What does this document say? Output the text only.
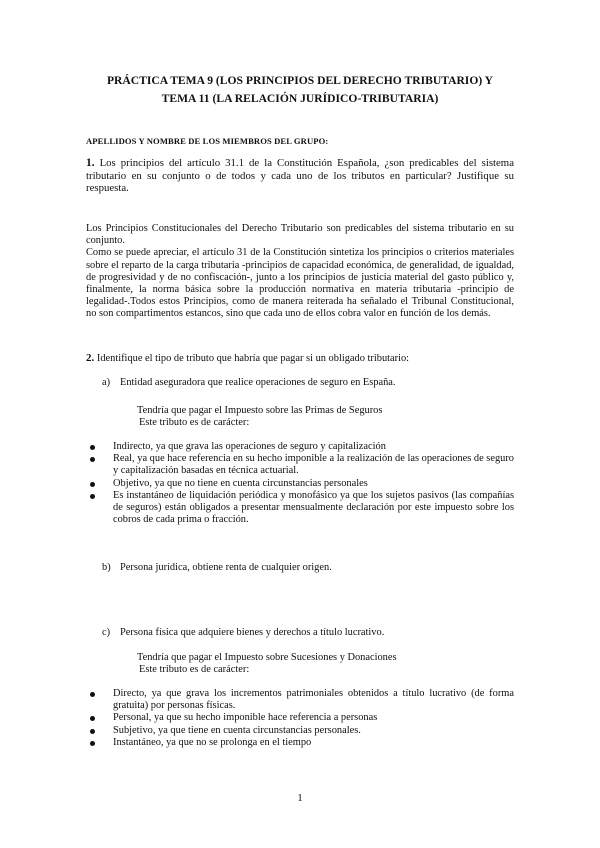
PRÁCTICA TEMA 9 (LOS PRINCIPIOS DEL DERECHO TRIBUTARIO) Y
TEMA 11 (LA RELACIÓN JURÍDICO-TRIBUTARIA)
APELLIDOS Y NOMBRE DE LOS MIEMBROS DEL GRUPO:
1. Los principios del artículo 31.1 de la Constitución Española, ¿son predicables del sistema tributario en su conjunto o de todos y cada uno de los tributos en particular? Justifique su respuesta.

Los Principios Constitucionales del Derecho Tributario son predicables del sistema tributario en su conjunto.

Como se puede apreciar, el artículo 31 de la Constitución sintetiza los principios o criterios materiales sobre el reparto de la carga tributaria -principios de capacidad económica, de generalidad, de igualdad, de progresividad y de no confiscación-, junto a los principios de justicia material del gasto público y, finalmente, la norma básica sobre la producción normativa en materia tributaria -principio de legalidad-.Todos estos Principios, como de manera reiterada ha señalado el Tribunal Constitucional, no son compartimentos estancos, sino que cada uno de ellos cobra valor en función de los demás.

2. Identifique el tipo de tributo que habría que pagar si un obligado tributario:
a) Entidad aseguradora que realice operaciones de seguro en España.
Tendría que pagar el Impuesto sobre las Primas de Seguros
Este tributo es de carácter:
Indirecto, ya que grava las operaciones de seguro y capitalización
Real, ya que hace referencia en su hecho imponible a la realización de las operaciones de seguro y capitalización basadas en técnica actuarial.
Objetivo, ya que no tiene en cuenta circunstancias personales
Es instantáneo de liquidación periódica y monofásico ya que los sujetos pasivos (las compañías de seguros) están obligados a presentar mensualmente declaración por este impuesto sobre los cobros de cada prima o fracción.
b) Persona jurídica, obtiene renta de cualquier origen.
c) Persona física que adquiere bienes y derechos a título lucrativo.
Tendría que pagar el Impuesto sobre Sucesiones y Donaciones
Este tributo es de carácter:
Directo, ya que grava los incrementos patrimoniales obtenidos a título lucrativo (de forma gratuita) por personas físicas.
Personal, ya que su hecho imponible hace referencia a personas
Subjetivo, ya que tiene en cuenta circunstancias personales.
Instantáneo, ya que no se prolonga en el tiempo
1
